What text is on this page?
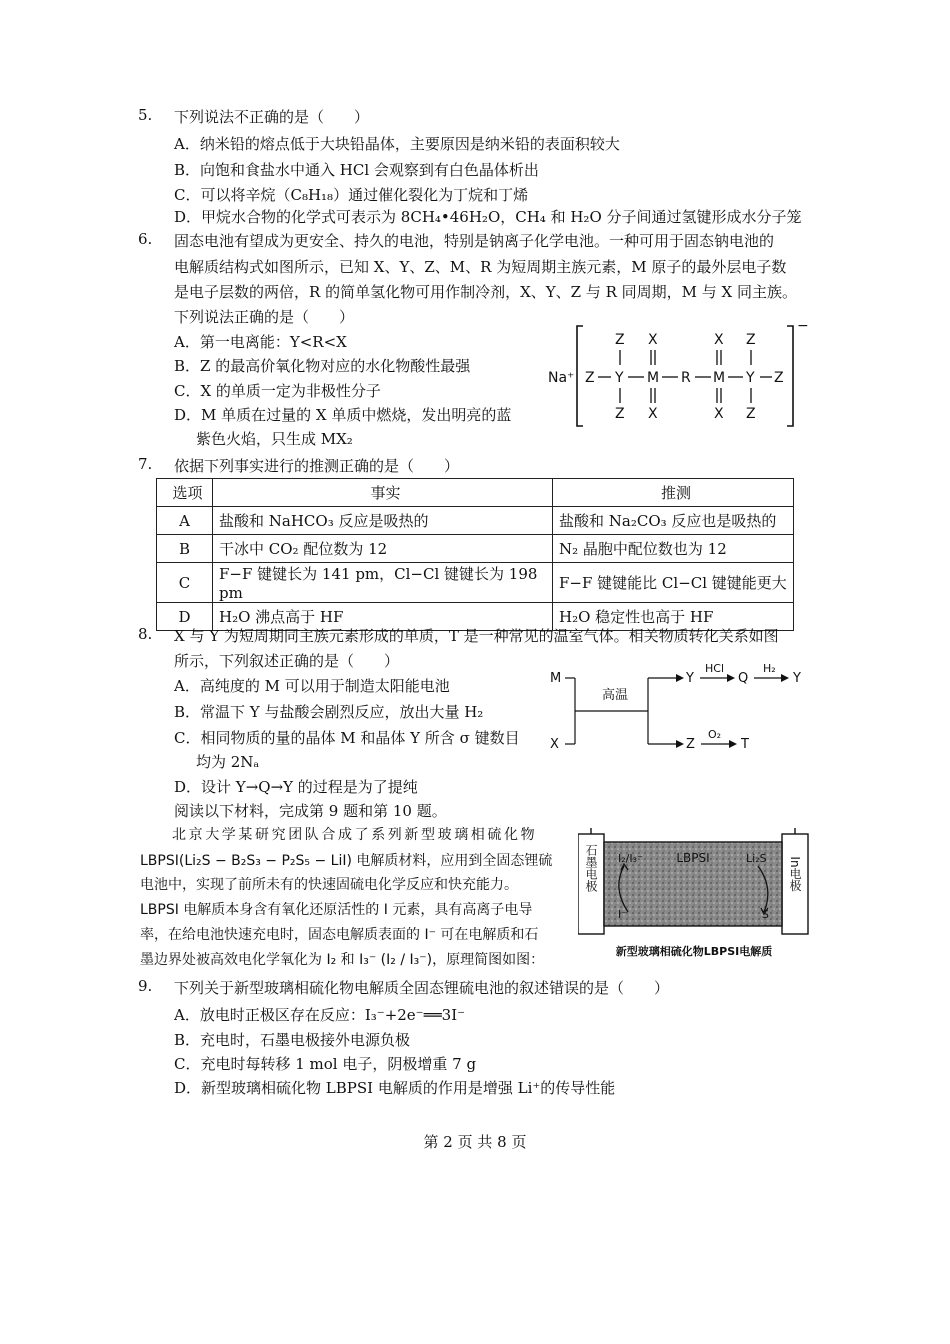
5. 下列说法不正确的是（　　）
A．纳米铅的熔点低于大块铅晶体，主要原因是纳米铅的表面积较大
B．向饱和食盐水中通入 HCl 会观察到有白色晶体析出
C．可以将辛烷（C₈H₁₈）通过催化裂化为丁烷和丁烯
D．甲烷水合物的化学式可表示为 8CH₄•46H₂O，CH₄ 和 H₂O 分子间通过氢键形成水分子笼
6. 固态电池有望成为更安全、持久的电池，特别是钠离子化学电池。一种可用于固态钠电池的
电解质结构式如图所示，已知 X、Y、Z、M、R 为短周期主族元素，M 原子的最外层电子数
是电子层数的两倍，R 的简单氢化物可用作制冷剂，X、Y、Z 与 R 同周期，M 与 X 同主族。
下列说法正确的是（　　）
A．第一电离能：Y<R<X
B．Z 的最高价氧化物对应的水化物酸性最强
C．X 的单质一定为非极性分子
D．M 单质在过量的 X 单质中燃烧，发出明亮的蓝
紫色火焰，只生成 MX₂
Na⁺
−
Z Y M R M Y Z
Z X	X Z
Z X	X Z
7. 依据下列事实进行的推测正确的是（　　）
选项	事实	推测
A	盐酸和 NaHCO₃ 反应是吸热的	盐酸和 Na₂CO₃ 反应也是吸热的
B	干冰中 CO₂ 配位数为 12	N₂ 晶胞中配位数也为 12
C	F−F 键键长为 141 pm，Cl−Cl 键键长为 198 pm	F−F 键键能比 Cl−Cl 键键能更大
D	H₂O 沸点高于 HF	H₂O 稳定性也高于 HF
8. X 与 Y 为短周期同主族元素形成的单质，T 是一种常见的温室气体。相关物质转化关系如图
所示，下列叙述正确的是（　　）
A．高纯度的 M 可以用于制造太阳能电池
B．常温下 Y 与盐酸会剧烈反应，放出大量 H₂
C．相同物质的量的晶体 M 和晶体 Y 所含 σ 键数目
均为 2Nₐ
D．设计 Y→Q→Y 的过程是为了提纯
M
X
高温
Y
HCl
Q
H₂
Y
Z
O₂
T
阅读以下材料，完成第 9 题和第 10 题。
北京大学某研究团队合成了系列新型玻璃相硫化物
LBPSI(Li₂S − B₂S₃ − P₂S₅ − LiI) 电解质材料，应用到全固态锂硫
电池中，实现了前所未有的快速固硫电化学反应和快充能力。
LBPSI 电解质本身含有氧化还原活性的 I 元素，具有高离子电导
率，在给电池快速充电时，固态电解质表面的 I⁻ 可在电解质和石
墨边界处被高效电化学氧化为 I₂ 和 I₃⁻ (I₂ / I₃⁻)，原理简图如图：
石墨电极	In电极
LBPSI
I₂/I₃⁻	Li₂S
I⁻	S
新型玻璃相硫化物LBPSI电解质
9. 下列关于新型玻璃相硫化物电解质全固态锂硫电池的叙述错误的是（　　）
A．放电时正极区存在反应：I₃⁻+2e⁻══3I⁻
B．充电时，石墨电极接外电源负极
C．充电时每转移 1 mol 电子，阴极增重 7 g
D．新型玻璃相硫化物 LBPSI 电解质的作用是增强 Li⁺的传导性能
第 2 页 共 8 页
